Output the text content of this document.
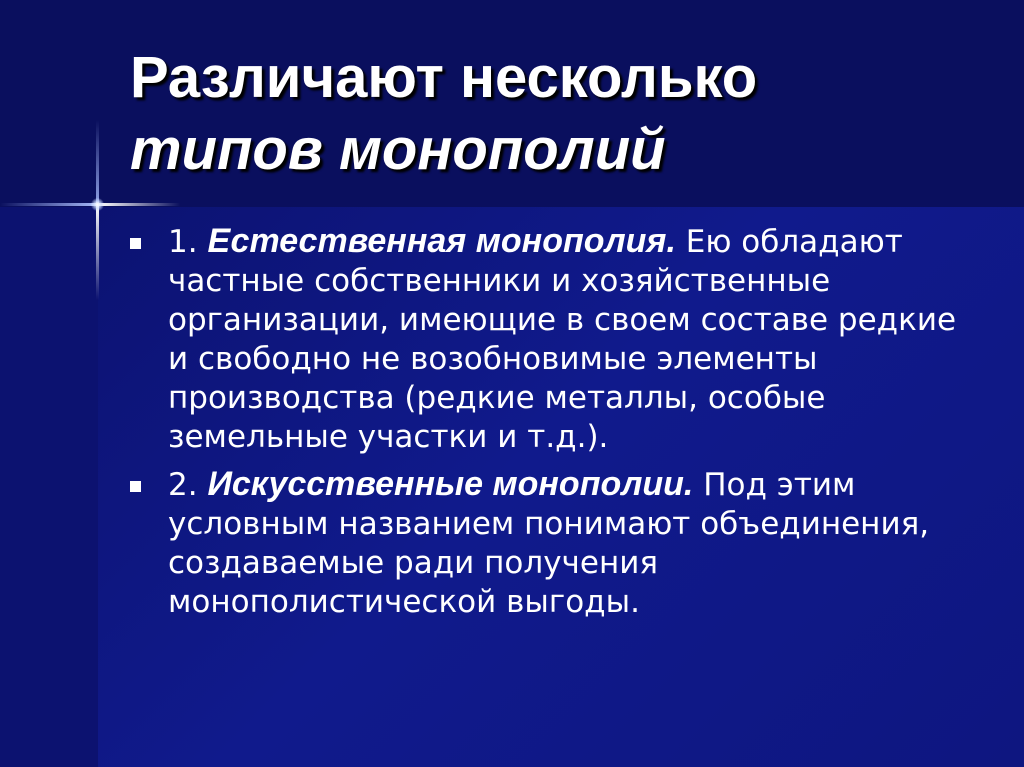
Различают несколько
типов монополий
1. Естественная монополия. Ею обладают частные собственники и хозяйственные организации, имеющие в своем составе редкие и свободно не возобновимые элементы производства (редкие металлы, особые земельные участки и т.д.).
2. Искусственные монополии. Под этим условным названием понимают объединения, создаваемые ради получения монополистической выгоды.
